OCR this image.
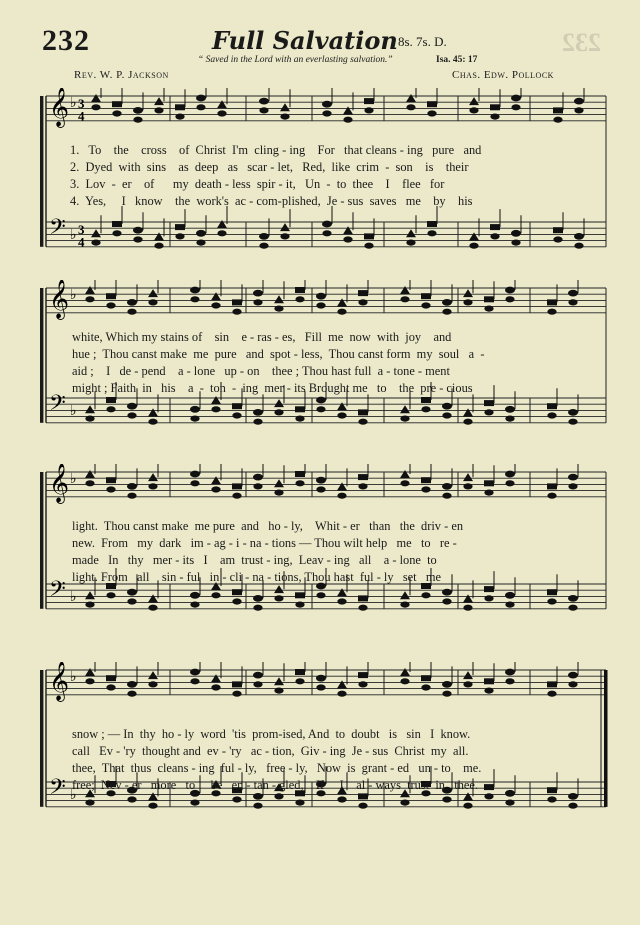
232	Full Salvation 8s. 7s. D.	232
“ Saved in the Lord with an everlasting salvation.”	Isa. 45: 17
Rev. W. P. Jackson	Chas. Edw. Pollock
𝄞 ♭ 3
4
𝄢 ♭ 3
4
𝄞 ♭
𝄢 ♭
𝄞 ♭
𝄢 ♭
𝄞 ♭
𝄢 ♭
1.   To    the    cross    of  Christ  I'm  cling - ing    For   that cleans - ing   pure   and
2.  Dyed  with  sins    as  deep   as   scar - let,   Red,  like  crim  -  son    is    their
3.  Lov  -  er    of      my  death - less  spir - it,   Un  -  to  thee    I    flee   for
4.  Yes,     I   know    the  work's  ac - com-plished,  Je - sus  saves   me    by    his
white, Which my stains of    sin    e - ras - es,   Fill  me  now  with  joy    and
hue ;  Thou canst make  me  pure   and  spot - less,  Thou canst form  my  soul   a  -
aid ;    I   de - pend    a - lone   up - on    thee ; Thou hast full  a - tone - ment
might ; Faith  in   his    a  -  ton  -  ing  mer - its Brought me   to    the  pre - cious
light.  Thou canst make  me pure  and   ho - ly,    Whit - er   than   the  driv - en
new.  From   my  dark   im - ag - i - na - tions — Thou wilt help   me   to   re -
made   In   thy   mer - its   I    am  trust - ing,  Leav - ing   all    a - lone  to
light. From   all    sin - ful   in - cli - na - tions, Thou hast  ful - ly   set   me
snow ; — In  thy  ho - ly  word  'tis  prom-ised, And  to  doubt   is   sin   I  know.
call   Ev - 'ry  thought and  ev - 'ry   ac - tion,  Giv - ing  Je - sus  Christ  my  all.
thee,  That  thus  cleans - ing  ful - ly,   free - ly,   Now  is  grant - ed   un - to    me.
free;  Nev - er   more   to     be   en - tan - gled,    If     I    al - ways  trust  in   thee.
